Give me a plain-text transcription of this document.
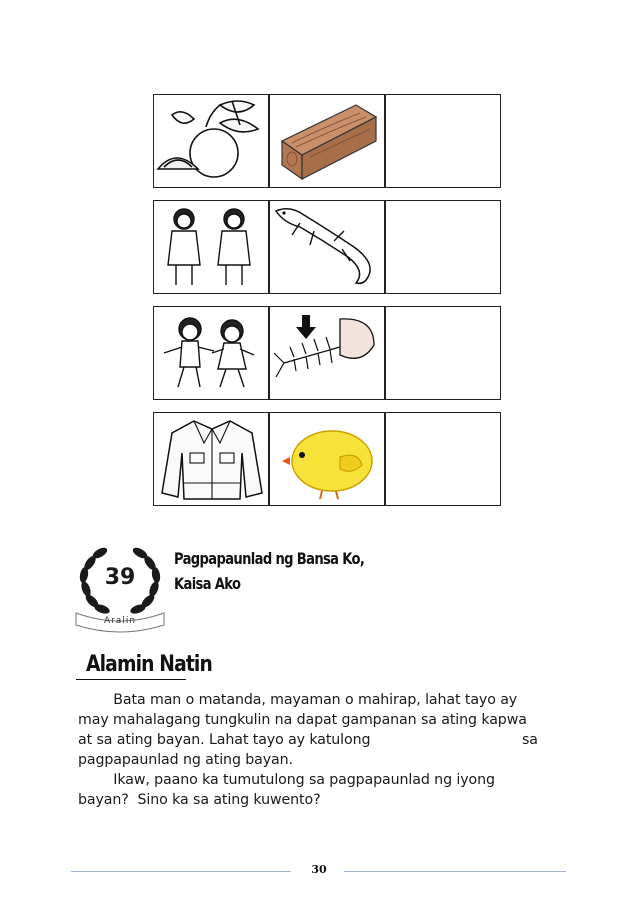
39
Aralin
Pagpapaunlad ng Bansa Ko,
Kaisa Ako
Alamin Natin
Bata man o matanda, mayaman o mahirap, lahat tayo ay
may mahalagang tungkulin na dapat gampanan sa ating kapwa
at sa ating bayan. Lahat tayo ay katulong	sa
pagpapaunlad ng ating bayan.
Ikaw, paano ka tumutulong sa pagpapaunlad ng iyong
bayan?  Sino ka sa ating kuwento?
30
